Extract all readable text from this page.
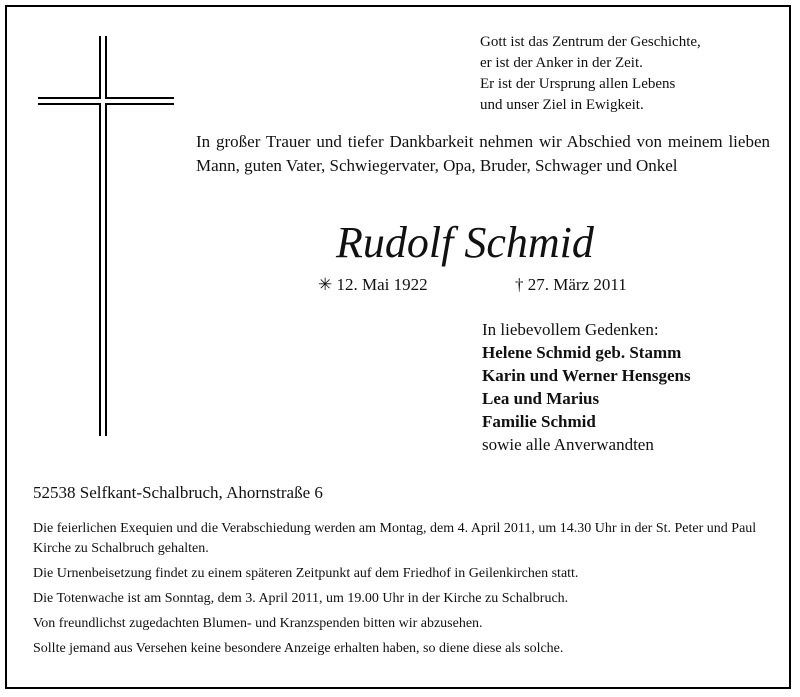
Gott ist das Zentrum der Geschichte,
er ist der Anker in der Zeit.
Er ist der Ursprung allen Lebens
und unser Ziel in Ewigkeit.
In großer Trauer und tiefer Dankbarkeit nehmen wir Abschied von meinem lieben Mann, guten Vater, Schwiegervater, Opa, Bruder, Schwager und Onkel
Rudolf Schmid
✳ 12. Mai 1922	† 27. März 2011
In liebevollem Gedenken:
Helene Schmid geb. Stamm
Karin und Werner Hensgens
Lea und Marius
Familie Schmid
sowie alle Anverwandten
52538 Selfkant-Schalbruch, Ahornstraße 6

Die feierlichen Exequien und die Verabschiedung werden am Montag, dem 4. April 2011, um 14.30 Uhr in der St. Peter und Paul Kirche zu Schalbruch gehalten.

Die Urnenbeisetzung findet zu einem späteren Zeitpunkt auf dem Friedhof in Geilenkirchen statt.

Die Totenwache ist am Sonntag, dem 3. April 2011, um 19.00 Uhr in der Kirche zu Schalbruch.

Von freundlichst zugedachten Blumen- und Kranzspenden bitten wir abzusehen.

Sollte jemand aus Versehen keine besondere Anzeige erhalten haben, so diene diese als solche.
